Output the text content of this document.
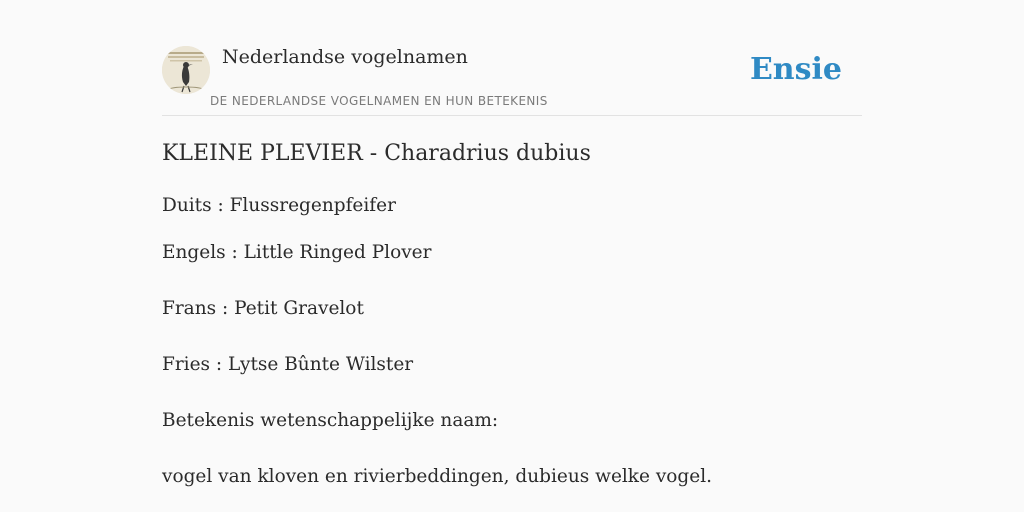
Nederlandse vogelnamen
DE NEDERLANDSE VOGELNAMEN EN HUN BETEKENIS
Ensie
KLEINE PLEVIER - Charadrius dubius
Duits : Flussregenpfeifer
Engels : Little Ringed Plover
Frans : Petit Gravelot
Fries : Lytse Bûnte Wilster
Betekenis wetenschappelijke naam:
vogel van kloven en rivierbeddingen, dubieus welke vogel.
